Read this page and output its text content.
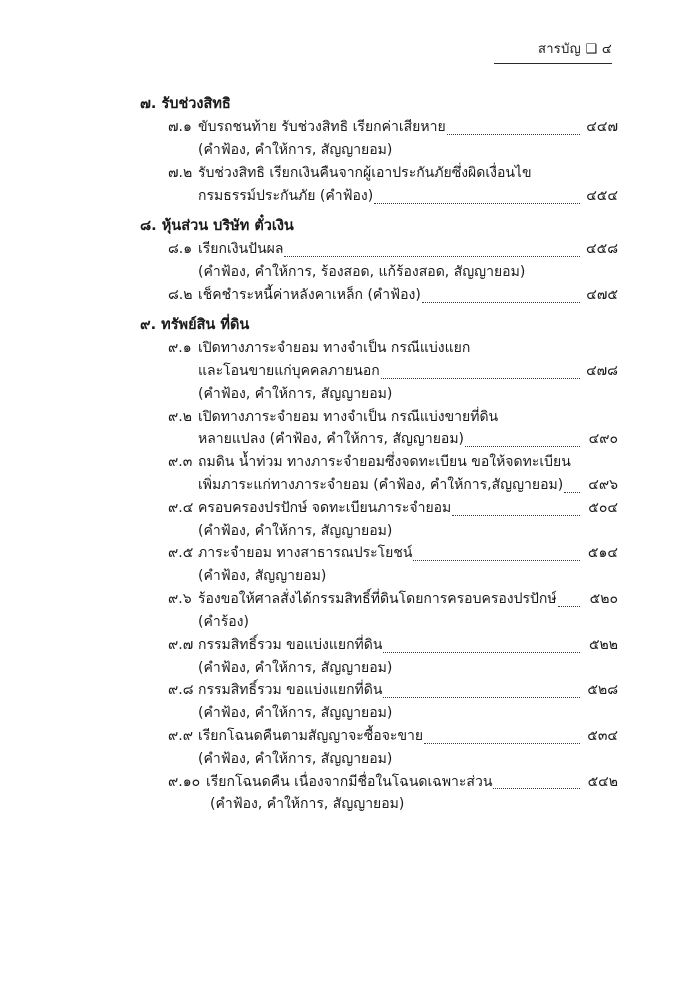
สารบัญ ❑ ๔
๗. รับช่วงสิทธิ
๗.๑ ขับรถชนท้าย รับช่วงสิทธิ เรียกค่าเสียหาย	๔๔๗
(คำฟ้อง, คำให้การ, สัญญายอม)
๗.๒ รับช่วงสิทธิ เรียกเงินคืนจากผู้เอาประกันภัยซึ่งผิดเงื่อนไข
กรมธรรม์ประกันภัย (คำฟ้อง)	๔๕๔
๘. หุ้นส่วน บริษัท ตั๋วเงิน
๘.๑ เรียกเงินปันผล	๔๕๘
(คำฟ้อง, คำให้การ, ร้องสอด, แก้ร้องสอด, สัญญายอม)
๘.๒ เช็คชำระหนี้ค่าหลังคาเหล็ก (คำฟ้อง)	๔๗๕
๙. ทรัพย์สิน ที่ดิน
๙.๑ เปิดทางภาระจำยอม ทางจำเป็น กรณีแบ่งแยก
และโอนขายแก่บุคคลภายนอก	๔๗๘
(คำฟ้อง, คำให้การ, สัญญายอม)
๙.๒ เปิดทางภาระจำยอม ทางจำเป็น กรณีแบ่งขายที่ดิน
หลายแปลง (คำฟ้อง, คำให้การ, สัญญายอม)	๔๙๐
๙.๓ ถมดิน น้ำท่วม ทางภาระจำยอมซึ่งจดทะเบียน ขอให้จดทะเบียน
เพิ่มภาระแก่ทางภาระจำยอม (คำฟ้อง, คำให้การ,สัญญายอม)	๔๙๖
๙.๔ ครอบครองปรปักษ์ จดทะเบียนภาระจำยอม	๕๐๔
(คำฟ้อง, คำให้การ, สัญญายอม)
๙.๕ ภาระจำยอม ทางสาธารณประโยชน์	๕๑๔
(คำฟ้อง, สัญญายอม)
๙.๖ ร้องขอให้ศาลสั่งได้กรรมสิทธิ์ที่ดินโดยการครอบครองปรปักษ์	๕๒๐
(คำร้อง)
๙.๗ กรรมสิทธิ์รวม ขอแบ่งแยกที่ดิน	๕๒๒
(คำฟ้อง, คำให้การ, สัญญายอม)
๙.๘ กรรมสิทธิ์รวม ขอแบ่งแยกที่ดิน	๕๒๘
(คำฟ้อง, คำให้การ, สัญญายอม)
๙.๙ เรียกโฉนดคืนตามสัญญาจะซื้อจะขาย	๕๓๔
(คำฟ้อง, คำให้การ, สัญญายอม)
๙.๑๐ เรียกโฉนดคืน เนื่องจากมีชื่อในโฉนดเฉพาะส่วน	๕๔๒
(คำฟ้อง, คำให้การ, สัญญายอม)
